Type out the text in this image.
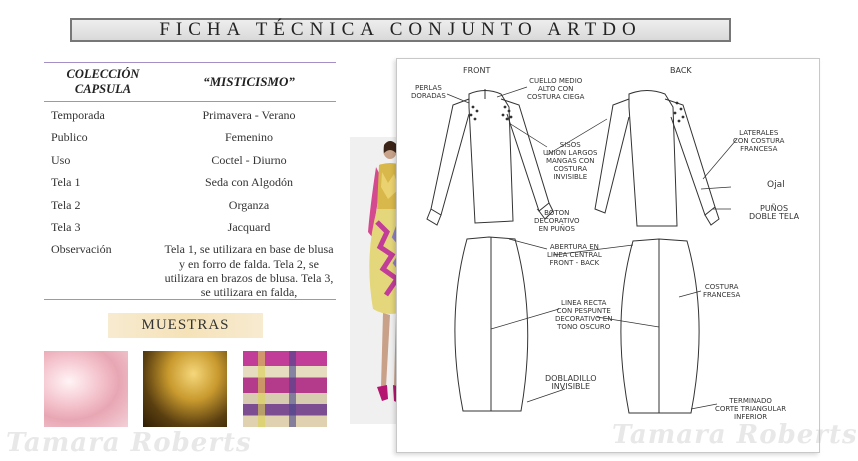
FICHA TÉCNICA CONJUNTO ARTDO
COLECCIÓN CAPSULA	“MISTICISMO”
Temporada	Primavera - Verano
Publico	Femenino
Uso	Coctel - Diurno
Tela 1	Seda con Algodón
Tela 2	Organza
Tela 3	Jacquard
Observación	Tela 1, se utilizara en base de blusa
y en forro de falda. Tela 2, se
utilizara en brazos de blusa. Tela 3,
se utilizara en falda,
MUESTRAS
FRONT	BACK
PERLAS
DORADAS
CUELLO MEDIO
ALTO CON
COSTURA CIEGA
SISOS
UNION LARGOS
MANGAS CON
COSTURA
INVISIBLE
LATERALES
CON COSTURA
FRANCESA
Ojal
BOTON
DECORATIVO
EN PUÑOS
PUÑOS
DOBLE TELA
ABERTURA EN
LINEA CENTRAL
FRONT - BACK
COSTURA
FRANCESA
LINEA RECTA
CON PESPUNTE
DECORATIVO EN
TONO OSCURO
DOBLADILLO
INVISIBLE
TERMINADO
CORTE TRIANGULAR
INFERIOR
Tamara Roberts	Tamara Roberts
